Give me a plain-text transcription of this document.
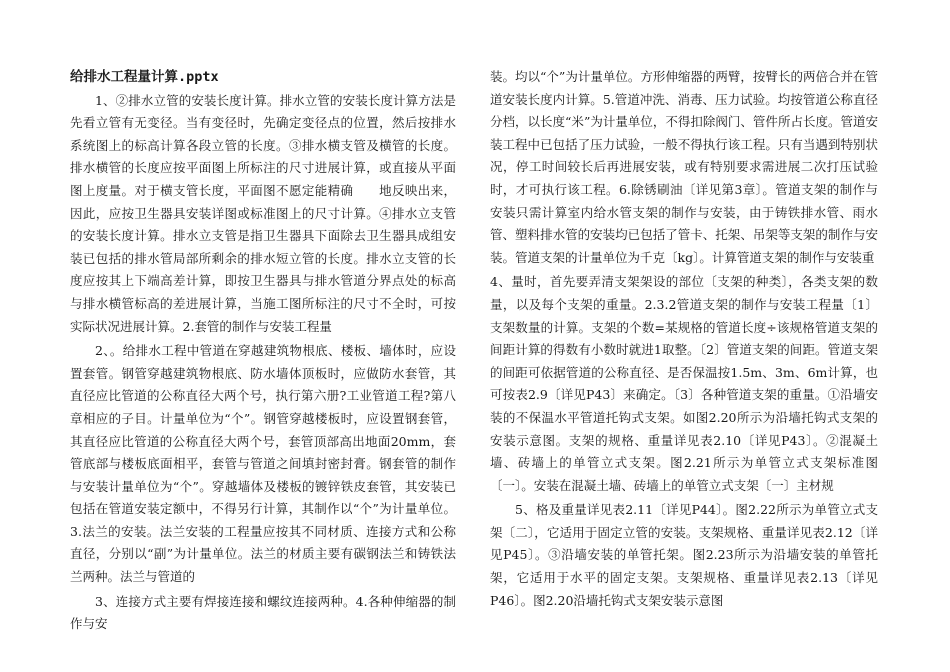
给排水工程量计算.pptx

1、②排水立管的安装长度计算。排水立管的安装长度计算方法是先看立管有无变径。当有变径时，先确定变径点的位置，然后按排水系统图上的标高计算各段立管的长度。③排水横支管及横管的长度。排水横管的长度应按平面图上所标注的尺寸进展计算，或直接从平面图上度量。对于横支管长度，平面图不愿定能精确　　地反映出来，因此，应按卫生器具安装详图或标准图上的尺寸计算。④排水立支管的安装长度计算。排水立支管是指卫生器具下面除去卫生器具成组安装已包括的排水管局部所剩余的排水短立管的长度。排水立支管的长度应按其上下端高差计算，即按卫生器具与排水管道分界点处的标高与排水横管标高的差进展计算，当施工图所标注的尺寸不全时，可按实际状况进展计算。2.套管的制作与安装工程量

2、。给排水工程中管道在穿越建筑物根底、楼板、墙体时，应设置套管。钢管穿越建筑物根底、防水墙体顶板时，应做防水套管，其直径应比管道的公称直径大两个号，执行第六册?工业管道工程?第八章相应的子目。计量单位为“个”。钢管穿越楼板时，应设置钢套管，其直径应比管道的公称直径大两个号，套管顶部高出地面20mm，套管底部与楼板底面相平，套管与管道之间填封密封膏。钢套管的制作与安装计量单位为“个”。穿越墙体及楼板的镀锌铁皮套管，其安装已包括在管道安装定额中，不得另行计算，其制作以“个”为计量单位。3.法兰的安装。法兰安装的工程量应按其不同材质、连接方式和公称直径，分别以“副”为计量单位。法兰的材质主要有碳钢法兰和铸铁法兰两种。法兰与管道的

3、连接方式主要有焊接连接和螺纹连接两种。4.各种伸缩器的制作与安

装。均以“个”为计量单位。方形伸缩器的两臂，按臂长的两倍合并在管道安装长度内计算。5.管道冲洗、消毒、压力试验。均按管道公称直径分档，以长度“米”为计量单位，不得扣除阀门、管件所占长度。管道安装工程中已包括了压力试验，一般不得执行该工程。只有当遇到特别状况，停工时间较长后再进展安装，或有特别要求需进展二次打压试验时，才可执行该工程。6.除锈刷油〔详见第3章〕。管道支架的制作与安装只需计算室内给水管支架的制作与安装，由于铸铁排水管、雨水管、塑料排水管的安装均已包括了管卡、托架、吊架等支架的制作与安装。管道支架的计量单位为千克〔kg〕。计算管道支架的制作与安装重

4、量时，首先要弄清支架架设的部位〔支架的种类〕，各类支架的数量，以及每个支架的重量。2.3.2管道支架的制作与安装工程量〔1〕支架数量的计算。支架的个数=某规格的管道长度÷该规格管道支架的间距计算的得数有小数时就进1取整。〔2〕管道支架的间距。管道支架的间距可依据管道的公称直径、是否保温按1.5m、3m、6m计算，也可按表2.9〔详见P43〕来确定。〔3〕各种管道支架的重量。①沿墙安装的不保温水平管道托钩式支架。如图2.20所示为沿墙托钩式支架的安装示意图。支架的规格、重量详见表2.10〔详见P43〕。②混凝土墙、砖墙上的单管立式支架。图2.21所示为单管立式支架标准图〔一〕。安装在混凝土墙、砖墙上的单管立式支架〔一〕主材规

5、格及重量详见表2.11〔详见P44〕。图2.22所示为单管立式支架〔二〕，它适用于固定立管的安装。支架规格、重量详见表2.12〔详见P45〕。③沿墙安装的单管托架。图2.23所示为沿墙安装的单管托架，它适用于水平的固定支架。支架规格、重量详见表2.13〔详见P46〕。图2.20沿墙托钩式支架安装示意图
